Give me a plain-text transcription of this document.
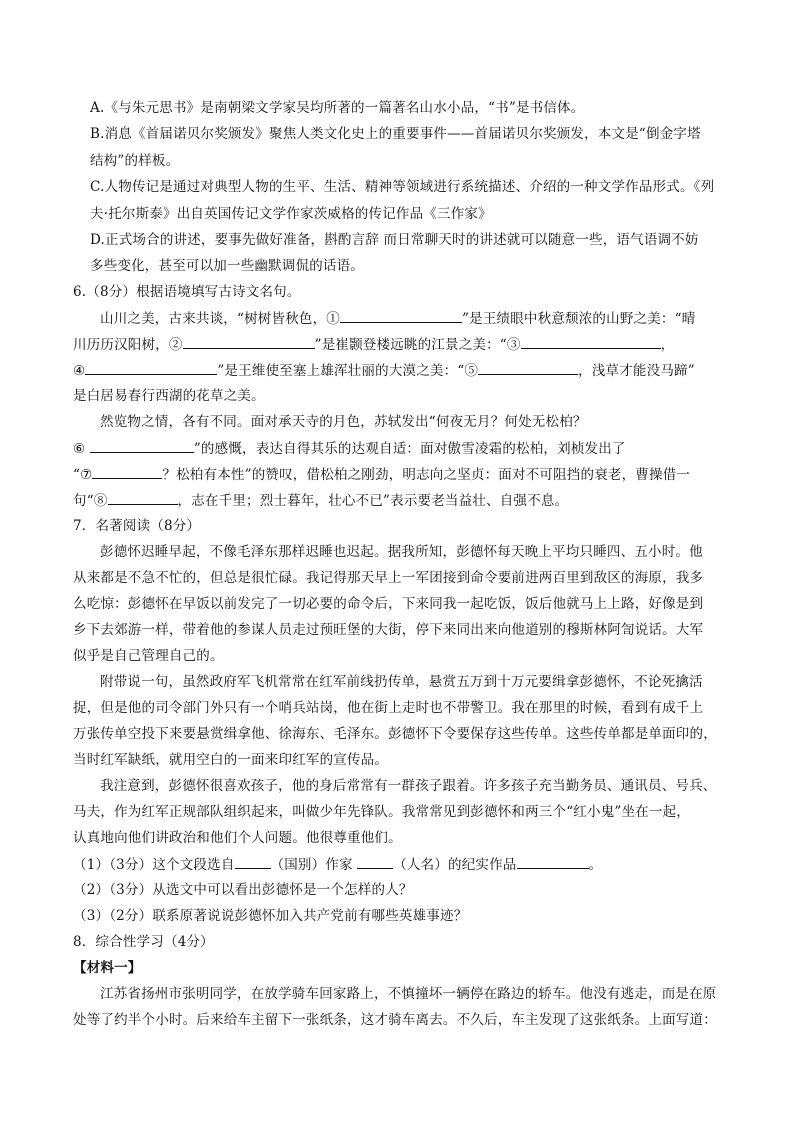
A.《与朱元思书》是南朝梁文学家吴均所著的一篇著名山水小品，“书”是书信体。
B.消息《首届诺贝尔奖颁发》聚焦人类文化史上的重要事件——首届诺贝尔奖颁发，本文是“倒金字塔
结构”的样板。
C.人物传记是通过对典型人物的生平、生活、精神等领域进行系统描述、介绍的一种文学作品形式。《列
夫·托尔斯泰》出自英国传记文学作家茨威格的传记作品《三作家》
D.正式场合的讲述，要事先做好准备，斟酌言辞 而日常聊天时的讲述就可以随意一些，语气语调不妨
多些变化，甚至可以加一些幽默调侃的话语。
6.（8分）根据语境填写古诗文名句。
山川之美，古来共谈，“树树皆秋色，①	”是王绩眼中秋意颓浓的山野之美：“晴
川历历汉阳树，②	”是崔颢登楼远眺的江景之美：“③	，
④	”是王维使至塞上雄浑壮丽的大漠之美：“⑤	，浅草才能没马蹄”
是白居易春行西湖的花草之美。
然览物之情，各有不同。面对承天寺的月色，苏轼发出“何夜无月？何处无松柏？
⑥	”的感慨，表达自得其乐的达观自适：面对傲雪凌霜的松柏，刘桢发出了
“⑦	？松柏有本性”的赞叹，借松柏之刚劲，明志向之坚贞：面对不可阻挡的衰老，曹操借一
句“⑧	，志在千里；烈士暮年，壮心不已”表示要老当益壮、自强不息。
7．名著阅读（8分）
彭德怀迟睡早起，不像毛泽东那样迟睡也迟起。据我所知，彭德怀每天晚上平均只睡四、五小时。他
从来都是不急不忙的，但总是很忙碌。我记得那天早上一军团接到命令要前进两百里到敌区的海原，我多
么吃惊：彭德怀在早饭以前发完了一切必要的命令后，下来同我一起吃饭，饭后他就马上上路，好像是到
乡下去郊游一样，带着他的参谋人员走过预旺堡的大街，停下来同出来向他道别的穆斯林阿訇说话。大军
似乎是自己管理自己的。
附带说一句，虽然政府军飞机常常在红军前线扔传单，悬赏五万到十万元要缉拿彭德怀，不论死擒活
捉，但是他的司令部门外只有一个哨兵站岗，他在街上走时也不带警卫。我在那里的时候，看到有成千上
万张传单空投下来要悬赏缉拿他、徐海东、毛泽东。彭德怀下令要保存这些传单。这些传单都是单面印的，
当时红军缺纸，就用空白的一面来印红军的宣传品。
我注意到，彭德怀很喜欢孩子，他的身后常常有一群孩子跟着。许多孩子充当勤务员、通讯员、号兵、
马夫，作为红军正规部队组织起来，叫做少年先锋队。我常常见到彭德怀和两三个“红小鬼”坐在一起，
认真地向他们讲政治和他们个人问题。他很尊重他们。
（1）（3分）这个文段选自	（国别）作家	（人名）的纪实作品	。
（2）（3分）从选文中可以看出彭德怀是一个怎样的人？
（3）（2分）联系原著说说彭德怀加入共产党前有哪些英雄事迹？
8．综合性学习（4分）
【材料一】
江苏省扬州市张明同学，在放学骑车回家路上，不慎撞坏一辆停在路边的轿车。他没有逃走，而是在原
处等了约半个小时。后来给车主留下一张纸条，这才骑车离去。不久后，车主发现了这张纸条。上面写道：
